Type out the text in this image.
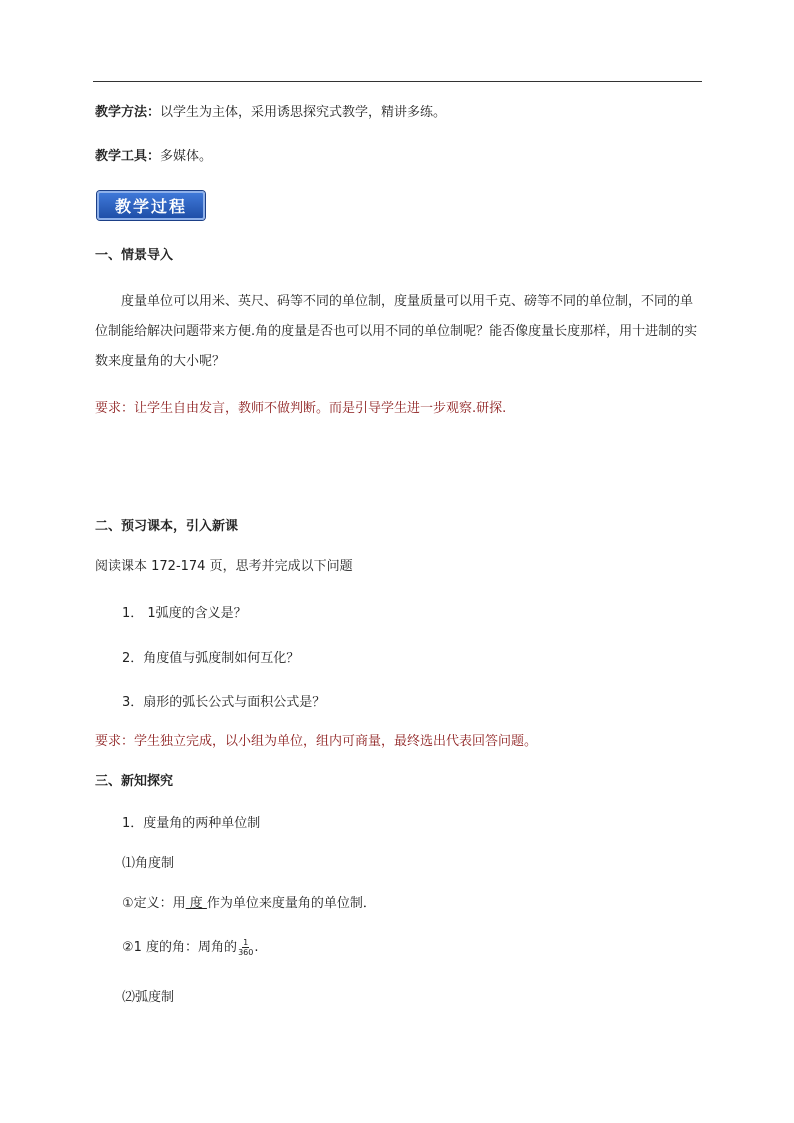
教学方法：以学生为主体，采用诱思探究式教学，精讲多练。
教学工具：多媒体。
教学过程
一、情景导入
度量单位可以用米、英尺、码等不同的单位制，度量质量可以用千克、磅等不同的单位制，不同的单位制能给解决问题带来方便.角的度量是否也可以用不同的单位制呢？能否像度量长度那样，用十进制的实数来度量角的大小呢？
要求：让学生自由发言，教师不做判断。而是引导学生进一步观察.研探.
二、预习课本，引入新课
阅读课本 172-174 页，思考并完成以下问题
1． 1弧度的含义是？
2．角度值与弧度制如何互化？
3．扇形的弧长公式与面积公式是？
要求：学生独立完成，以小组为单位，组内可商量，最终选出代表回答问题。
三、新知探究
1．度量角的两种单位制
⑴角度制
①定义：用 度 作为单位来度量角的单位制．
②1 度的角：周角的 $\frac{1}{360}$ .
⑵弧度制
